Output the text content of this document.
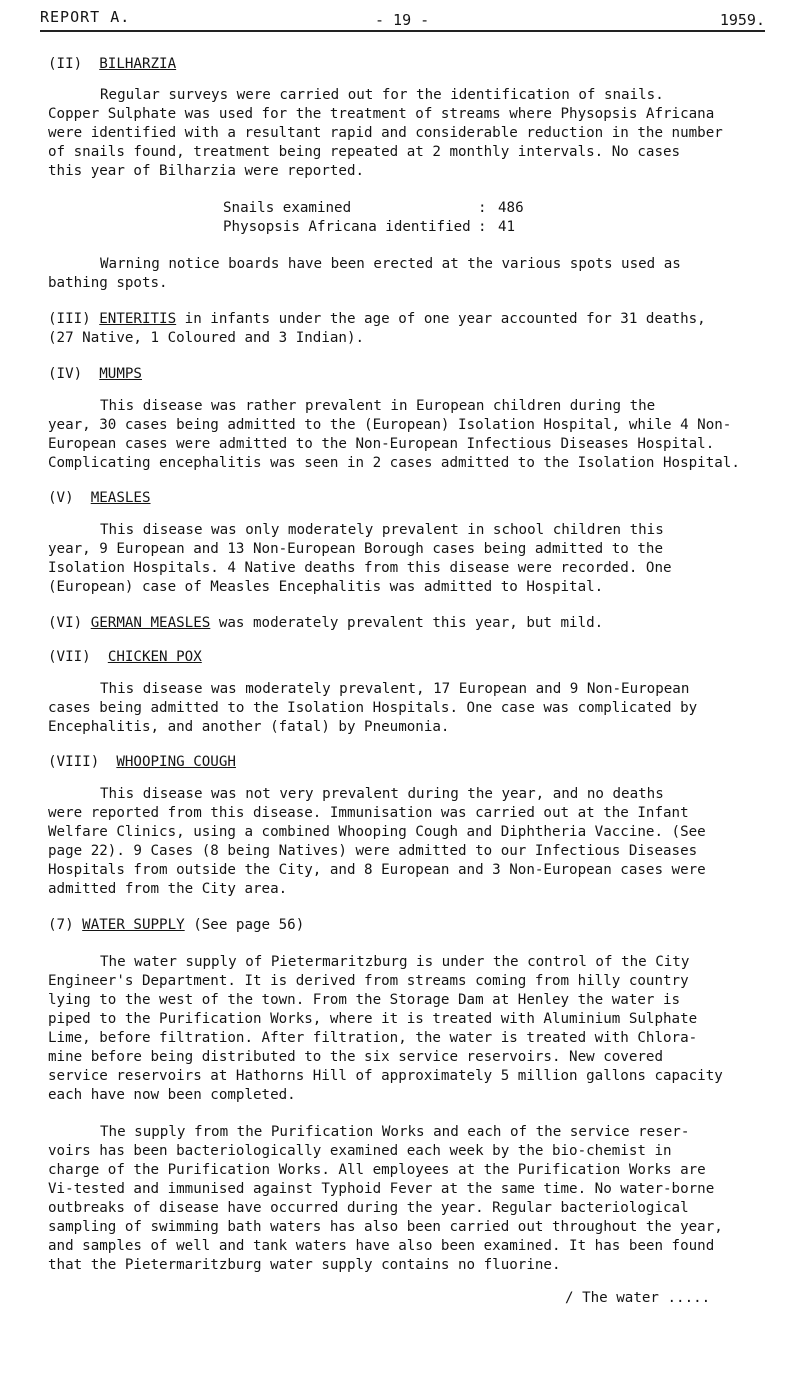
REPORT A.	- 19 -	1959.
(II) BILHARZIA
Regular surveys were carried out for the identification of snails.
Copper Sulphate was used for the treatment of streams where Physopsis Africana
were identified with a resultant rapid and considerable reduction in the number
of snails found, treatment being repeated at 2 monthly intervals. No cases
this year of Bilharzia were reported.
Snails examined	: 486
Physopsis Africana identified : 41
Warning notice boards have been erected at the various spots used as
bathing spots.
(III) ENTERITIS in infants under the age of one year accounted for 31 deaths,
(27 Native, 1 Coloured and 3 Indian).
(IV) MUMPS
This disease was rather prevalent in European children during the
year, 30 cases being admitted to the (European) Isolation Hospital, while 4 Non-
European cases were admitted to the Non-European Infectious Diseases Hospital.
Complicating encephalitis was seen in 2 cases admitted to the Isolation Hospital.
(V) MEASLES
This disease was only moderately prevalent in school children this
year, 9 European and 13 Non-European Borough cases being admitted to the
Isolation Hospitals. 4 Native deaths from this disease were recorded. One
(European) case of Measles Encephalitis was admitted to Hospital.
(VI) GERMAN MEASLES was moderately prevalent this year, but mild.
(VII) CHICKEN POX
This disease was moderately prevalent, 17 European and 9 Non-European
cases being admitted to the Isolation Hospitals. One case was complicated by
Encephalitis, and another (fatal) by Pneumonia.
(VIII) WHOOPING COUGH
This disease was not very prevalent during the year, and no deaths
were reported from this disease. Immunisation was carried out at the Infant
Welfare Clinics, using a combined Whooping Cough and Diphtheria Vaccine. (See
page 22). 9 Cases (8 being Natives) were admitted to our Infectious Diseases
Hospitals from outside the City, and 8 European and 3 Non-European cases were
admitted from the City area.
(7) WATER SUPPLY (See page 56)
The water supply of Pietermaritzburg is under the control of the City
Engineer's Department. It is derived from streams coming from hilly country
lying to the west of the town. From the Storage Dam at Henley the water is
piped to the Purification Works, where it is treated with Aluminium Sulphate
Lime, before filtration. After filtration, the water is treated with Chlora-
mine before being distributed to the six service reservoirs. New covered
service reservoirs at Hathorns Hill of approximately 5 million gallons capacity
each have now been completed.
The supply from the Purification Works and each of the service reser-
voirs has been bacteriologically examined each week by the bio-chemist in
charge of the Purification Works. All employees at the Purification Works are
Vi-tested and immunised against Typhoid Fever at the same time. No water-borne
outbreaks of disease have occurred during the year. Regular bacteriological
sampling of swimming bath waters has also been carried out throughout the year,
and samples of well and tank waters have also been examined. It has been found
that the Pietermaritzburg water supply contains no fluorine.
/ The water .....
